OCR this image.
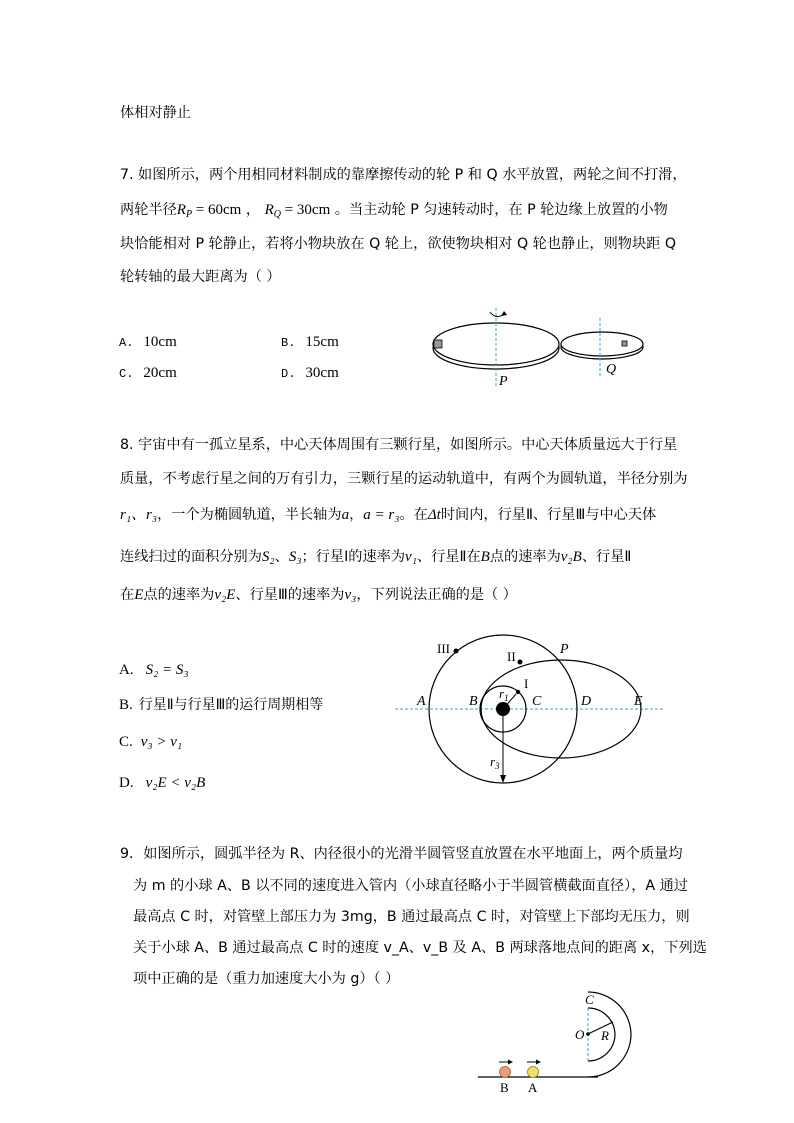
体相对静止
7. 如图所示，两个用相同材料制成的靠摩擦传动的轮 P 和 Q 水平放置，两轮之间不打滑，
两轮半径$R_P = 60cm$ ， $R_Q = 30cm$ 。当主动轮 P 匀速转动时，在 P 轮边缘上放置的小物
块恰能相对 P 轮静止，若将小物块放在 Q 轮上，欲使物块相对 Q 轮也静止，则物块距 Q
轮转轴的最大距离为（ ）
A. 10cm	B. 15cm
C. 20cm	D. 30cm
P
Q
8. 宇宙中有一孤立星系，中心天体周围有三颗行星，如图所示。中心天体质量远大于行星
质量，不考虑行星之间的万有引力，三颗行星的运动轨道中，有两个为圆轨道，半径分别为
r₁、r₃，一个为椭圆轨道，半长轴为a，a = r₃。在Δt时间内，行星Ⅱ、行星Ⅲ与中心天体
连线扫过的面积分别为S₂、S₃；行星Ⅰ的速率为v₁、行星Ⅱ在B点的速率为v₂B、行星Ⅱ
在E点的速率为v₂E、行星Ⅲ的速率为v₃，下列说法正确的是（ ）
A. S₂ = S₃
B. 行星Ⅱ与行星Ⅲ的运行周期相等
C. v₃ > v₁
D. v₂E < v₂B
III
II	P
I
A	B	C	D	E
$r_1$
$r_3$
9．如图所示，圆弧半径为 R、内径很小的光滑半圆管竖直放置在水平地面上，两个质量均
为 m 的小球 A、B 以不同的速度进入管内（小球直径略小于半圆管横截面直径），A 通过
最高点 C 时，对管壁上部压力为 3mg，B 通过最高点 C 时，对管壁上下部均无压力，则
关于小球 A、B 通过最高点 C 时的速度 v_A、v_B 及 A、B 两球落地点间的距离 x，下列选
项中正确的是（重力加速度大小为 g）（ ）
C
O R
B A
